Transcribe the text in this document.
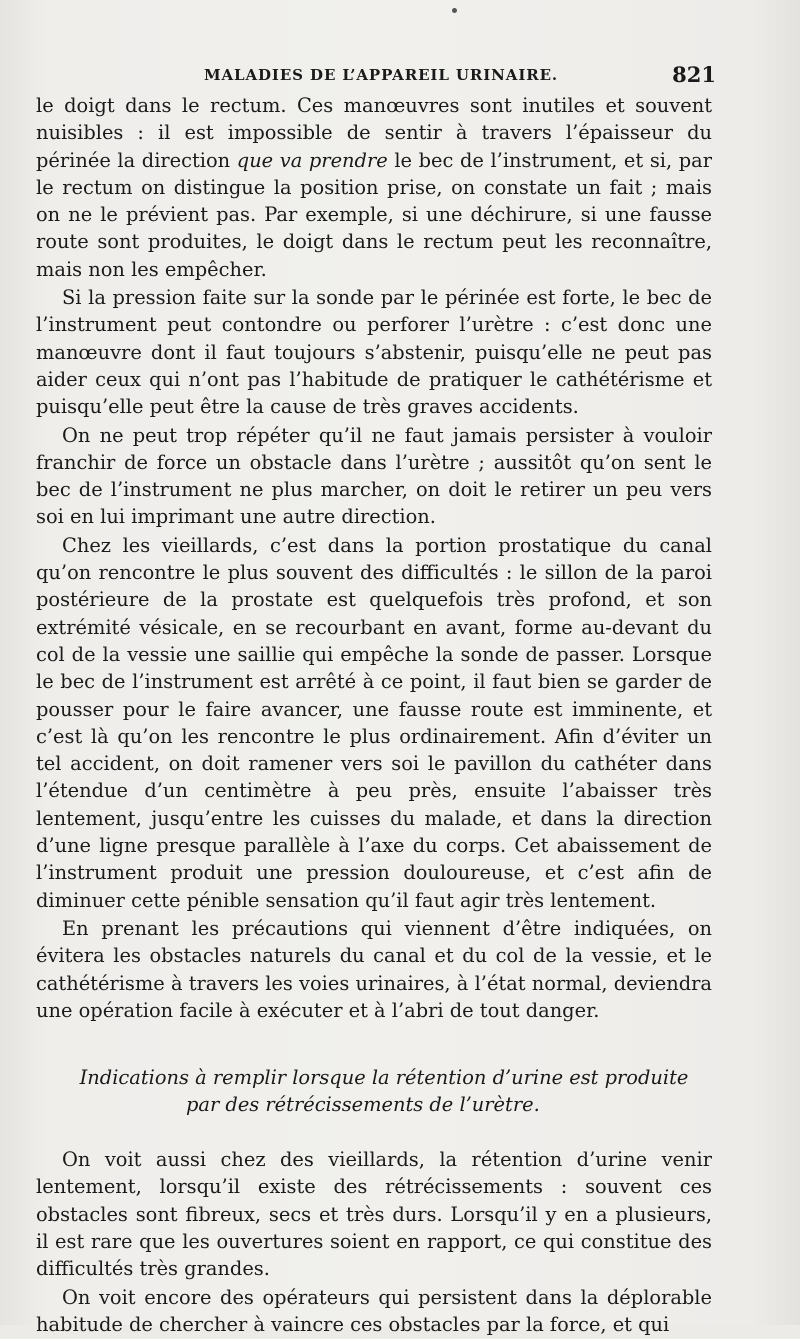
MALADIES DE L’APPAREIL URINAIRE.	821

le doigt dans le rectum. Ces manœuvres sont inutiles et souvent nuisibles : il est impossible de sentir à travers l’épaisseur du périnée la direction que va prendre le bec de l’instrument, et si, par le rectum on distingue la position prise, on constate un fait ; mais on ne le prévient pas. Par exemple, si une déchirure, si une fausse route sont produites, le doigt dans le rectum peut les reconnaître, mais non les empêcher.

Si la pression faite sur la sonde par le périnée est forte, le bec de l’instrument peut contondre ou perforer l’urètre : c’est donc une manœuvre dont il faut toujours s’abstenir, puisqu’elle ne peut pas aider ceux qui n’ont pas l’habitude de pratiquer le cathétérisme et puisqu’elle peut être la cause de très graves accidents.

On ne peut trop répéter qu’il ne faut jamais persister à vouloir franchir de force un obstacle dans l’urètre ; aussitôt qu’on sent le bec de l’instrument ne plus marcher, on doit le retirer un peu vers soi en lui imprimant une autre direction.

Chez les vieillards, c’est dans la portion prostatique du canal qu’on rencontre le plus souvent des difficultés : le sillon de la paroi postérieure de la prostate est quelquefois très profond, et son extrémité vésicale, en se recourbant en avant, forme au-devant du col de la vessie une saillie qui empêche la sonde de passer. Lorsque le bec de l’instrument est arrêté à ce point, il faut bien se garder de pousser pour le faire avancer, une fausse route est imminente, et c’est là qu’on les rencontre le plus ordinairement. Afin d’éviter un tel accident, on doit ramener vers soi le pavillon du cathéter dans l’étendue d’un centimètre à peu près, ensuite l’abaisser très lentement, jusqu’entre les cuisses du malade, et dans la direction d’une ligne presque parallèle à l’axe du corps. Cet abaissement de l’instrument produit une pression douloureuse, et c’est afin de diminuer cette pénible sensation qu’il faut agir très lentement.

En prenant les précautions qui viennent d’être indiquées, on évitera les obstacles naturels du canal et du col de la vessie, et le cathétérisme à travers les voies urinaires, à l’état normal, deviendra une opération facile à exécuter et à l’abri de tout danger.

Indications à remplir lorsque la rétention d’urine est produite
par des rétrécissements de l’urètre.

On voit aussi chez des vieillards, la rétention d’urine venir lentement, lorsqu’il existe des rétrécissements : souvent ces obstacles sont fibreux, secs et très durs. Lorsqu’il y en a plusieurs, il est rare que les ouvertures soient en rapport, ce qui constitue des difficultés très grandes.

On voit encore des opérateurs qui persistent dans la déplorable habitude de chercher à vaincre ces obstacles par la force, et qui
